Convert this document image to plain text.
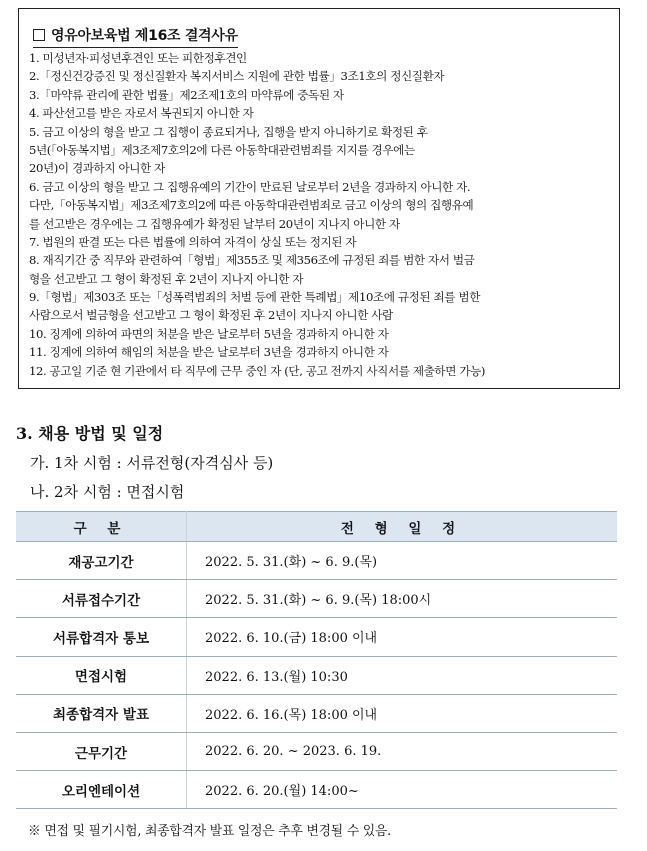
영유아보육법 제16조 결격사유
1. 미성년자·피성년후견인 또는 피한정후견인
2.「정신건강증진 및 정신질환자 복지서비스 지원에 관한 법률」3조1호의 정신질환자
3.「마약류 관리에 관한 법률」제2조제1호의 마약류에 중독된 자
4. 파산선고를 받은 자로서 복권되지 아니한 자
5. 금고 이상의 형을 받고 그 집행이 종료되거나, 집행을 받지 아니하기로 확정된 후
5년(「아동복지법」제3조제7호의2에 다른 아동학대관련범죄를 지지를 경우에는
20년)이 경과하지 아니한 자
6. 금고 이상의 형을 받고 그 집행유예의 기간이 만료된 날로부터 2년을 경과하지 아니한 자.
다만,「아동복지법」제3조제7호의2에 따른 아동학대관련범죄로 금고 이상의 형의 집행유예
를 선고받은 경우에는 그 집행유예가 확정된 날부터 20년이 지나지 아니한 자
7. 법원의 판결 또는 다른 법률에 의하여 자격이 상실 또는 정지된 자
8. 재직기간 중 직무와 관련하여「형법」제355조 및 제356조에 규정된 죄를 범한 자서 벌금
형을 선고받고 그 형이 확정된 후 2년이 지나지 아니한 자
9.「형법」제303조 또는「성폭력범죄의 처벌 등에 관한 특례법」제10조에 규정된 죄를 범한
사람으로서 벌금형을 선고받고 그 형이 확정된 후 2년이 지나지 아니한 사람
10. 징계에 의하여 파면의 처분을 받은 날로부터 5년을 경과하지 아니한 자
11. 징계에 의하여 해임의 처분을 받은 날로부터 3년을 경과하지 아니한 자
12. 공고일 기준 현 기관에서 타 직무에 근무 중인 자 (단, 공고 전까지 사직서를 제출하면 가능)
3. 채용 방법 및 일정
가. 1차 시험 : 서류전형(자격심사 등)
나. 2차 시험 : 면접시험
구 분	전 형 일 정
재공고기간	2022. 5. 31.(화) ~ 6. 9.(목)
서류접수기간	2022. 5. 31.(화) ~ 6. 9.(목) 18:00시
서류합격자 통보	2022. 6. 10.(금) 18:00 이내
면접시험	2022. 6. 13.(월) 10:30
최종합격자 발표	2022. 6. 16.(목) 18:00 이내
근무기간	2022. 6. 20. ~ 2023. 6. 19.
오리엔테이션	2022. 6. 20.(월) 14:00~
※ 면접 및 필기시험, 최종합격자 발표 일정은 추후 변경될 수 있음.
